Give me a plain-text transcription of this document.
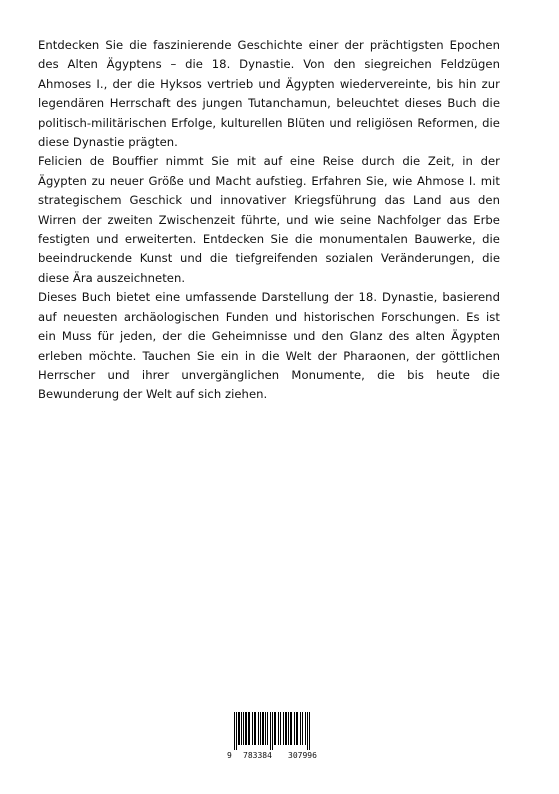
Entdecken Sie die faszinierende Geschichte einer der prächtigsten Epochen des Alten Ägyptens – die 18. Dynastie. Von den siegreichen Feldzügen Ahmoses I., der die Hyksos vertrieb und Ägypten wiedervereinte, bis hin zur legendären Herrschaft des jungen Tutanchamun, beleuchtet dieses Buch die politisch-militärischen Erfolge, kulturellen Blüten und religiösen Reformen, die diese Dynastie prägten.

Felicien de Bouffier nimmt Sie mit auf eine Reise durch die Zeit, in der Ägypten zu neuer Größe und Macht aufstieg. Erfahren Sie, wie Ahmose I. mit strategischem Geschick und innovativer Kriegsführung das Land aus den Wirren der zweiten Zwischenzeit führte, und wie seine Nachfolger das Erbe festigten und erweiterten. Entdecken Sie die monumentalen Bauwerke, die beeindruckende Kunst und die tiefgreifenden sozialen Veränderungen, die diese Ära auszeichneten.

Dieses Buch bietet eine umfassende Darstellung der 18. Dynastie, basierend auf neuesten archäologischen Funden und historischen Forschungen. Es ist ein Muss für jeden, der die Geheimnisse und den Glanz des alten Ägypten erleben möchte. Tauchen Sie ein in die Welt der Pharaonen, der göttlichen Herrscher und ihrer unvergänglichen Monumente, die bis heute die Bewunderung der Welt auf sich ziehen.

9 783384 307996
